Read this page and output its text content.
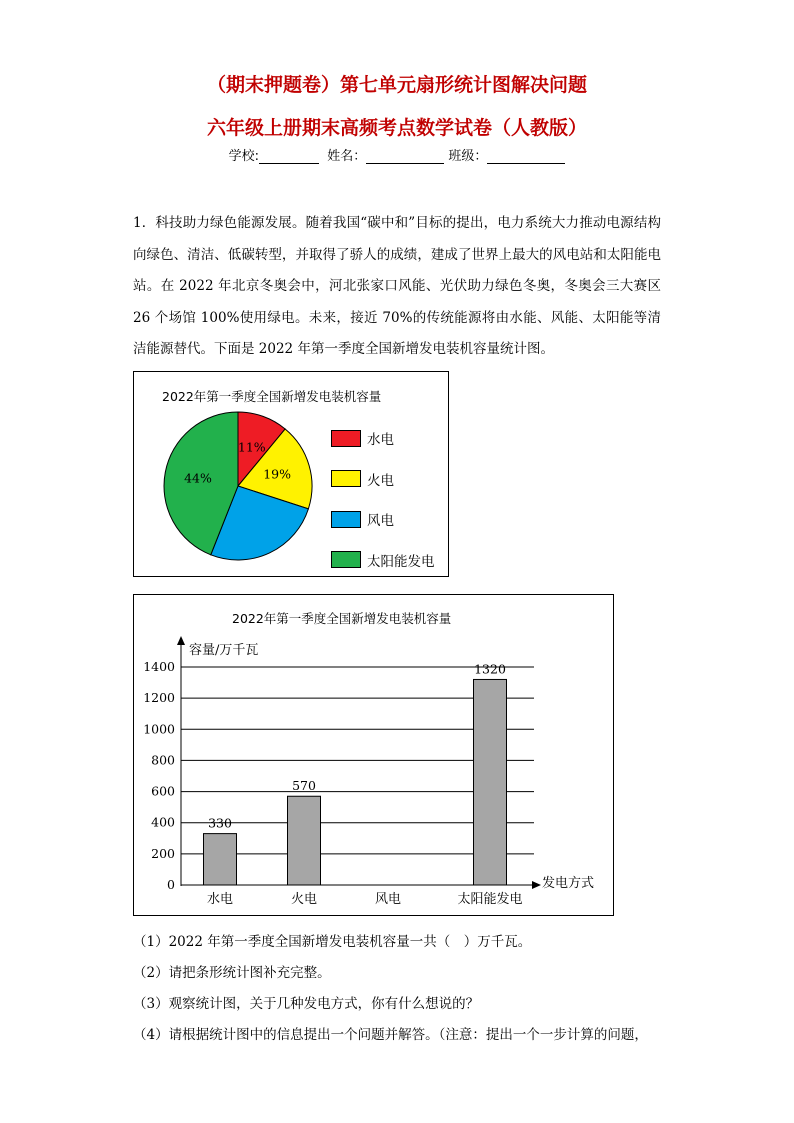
（期末押题卷）第七单元扇形统计图解决问题
六年级上册期末高频考点数学试卷（人教版）
学校:	姓名：	班级：

1．科技助力绿色能源发展。随着我国“碳中和”目标的提出，电力系统大力推动电源结构向绿色、清洁、低碳转型，并取得了骄人的成绩，建成了世界上最大的风电站和太阳能电站。在 2022 年北京冬奥会中，河北张家口风能、光伏助力绿色冬奥，冬奥会三大赛区 26 个场馆 100%使用绿电。未来，接近 70%的传统能源将由水能、风能、太阳能等清洁能源替代。下面是 2022 年第一季度全国新增发电装机容量统计图。

2022年第一季度全国新增发电装机容量
11%
19%
44%
水电
火电
风电
太阳能发电
2022年第一季度全国新增发电装机容量
0
200
400
600
800
1000
1200
1400
容量/万千瓦
发电方式
水电
330
火电
570
风电	太阳能发电
1320
（1）2022 年第一季度全国新增发电装机容量一共（　）万千瓦。
（2）请把条形统计图补充完整。
（3）观察统计图，关于几种发电方式，你有什么想说的？
（4）请根据统计图中的信息提出一个问题并解答。（注意：提出一个一步计算的问题，
